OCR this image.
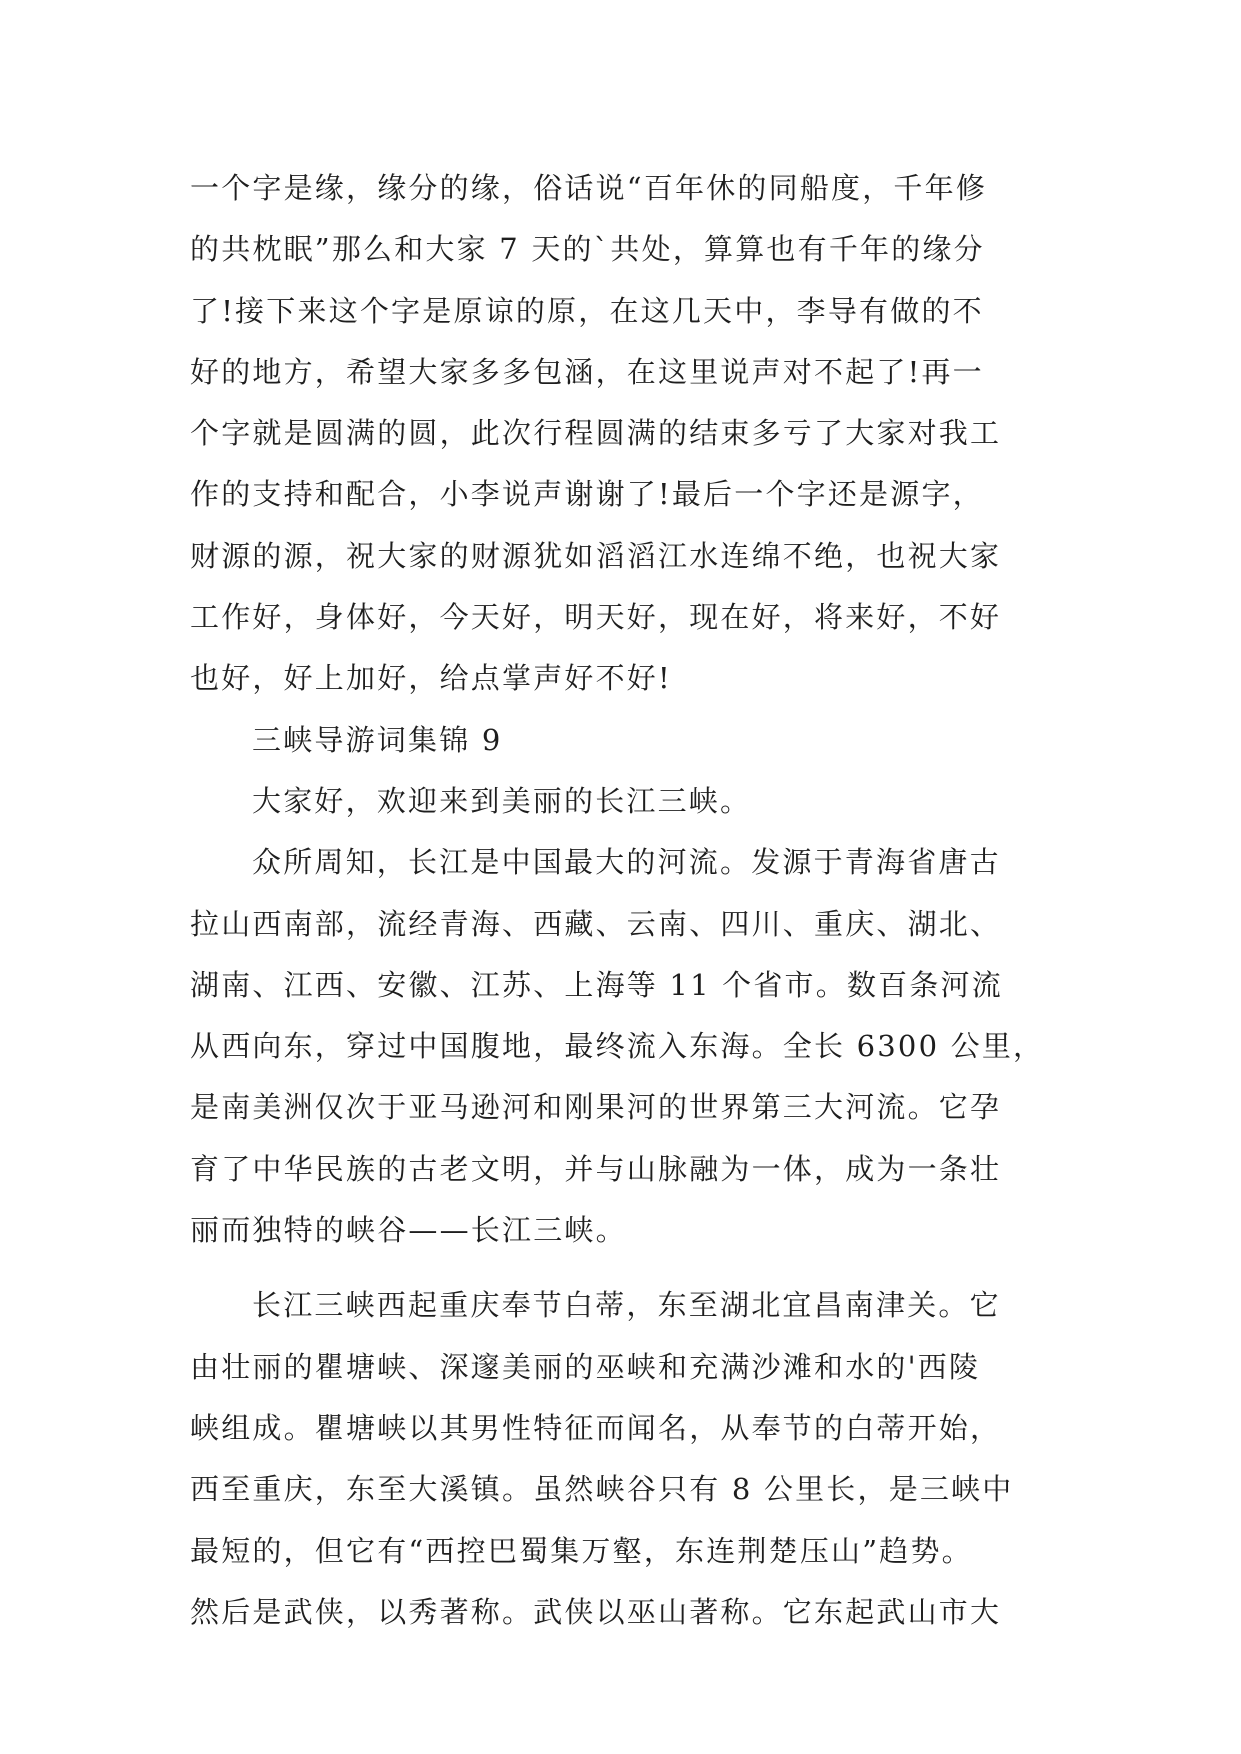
一个字是缘，缘分的缘，俗话说“百年休的同船度，千年修
的共枕眠”那么和大家 7 天的`共处，算算也有千年的缘分
了!接下来这个字是原谅的原，在这几天中，李导有做的不
好的地方，希望大家多多包涵，在这里说声对不起了!再一
个字就是圆满的圆，此次行程圆满的结束多亏了大家对我工
作的支持和配合，小李说声谢谢了!最后一个字还是源字，
财源的源，祝大家的财源犹如滔滔江水连绵不绝，也祝大家
工作好，身体好，今天好，明天好，现在好，将来好，不好
也好，好上加好，给点掌声好不好!
三峡导游词集锦 9
大家好，欢迎来到美丽的长江三峡。
众所周知，长江是中国最大的河流。发源于青海省唐古
拉山西南部，流经青海、西藏、云南、四川、重庆、湖北、
湖南、江西、安徽、江苏、上海等 11 个省市。数百条河流
从西向东，穿过中国腹地，最终流入东海。全长 6300 公里，
是南美洲仅次于亚马逊河和刚果河的世界第三大河流。它孕
育了中华民族的古老文明，并与山脉融为一体，成为一条壮
丽而独特的峡谷——长江三峡。
长江三峡西起重庆奉节白蒂，东至湖北宜昌南津关。它
由壮丽的瞿塘峡、深邃美丽的巫峡和充满沙滩和水的'西陵
峡组成。瞿塘峡以其男性特征而闻名，从奉节的白蒂开始，
西至重庆，东至大溪镇。虽然峡谷只有 8 公里长，是三峡中
最短的，但它有“西控巴蜀集万壑，东连荆楚压山”趋势。
然后是武侠，以秀著称。武侠以巫山著称。它东起武山市大
